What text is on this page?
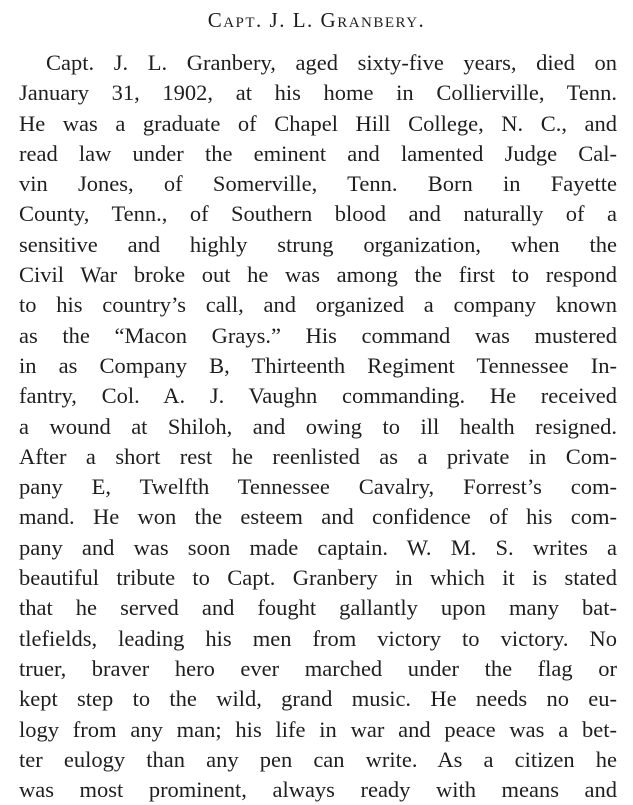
Capt. J. L. Granbery.
Capt. J. L. Granbery, aged sixty-five years, died on
January 31, 1902, at his home in Collierville, Tenn.
He was a graduate of Chapel Hill College, N. C., and
read law under the eminent and lamented Judge Cal-
vin Jones, of Somerville, Tenn. Born in Fayette
County, Tenn., of Southern blood and naturally of a
sensitive and highly strung organization, when the
Civil War broke out he was among the first to respond
to his country’s call, and organized a company known
as the “Macon Grays.” His command was mustered
in as Company B, Thirteenth Regiment Tennessee In-
fantry, Col. A. J. Vaughn commanding. He received
a wound at Shiloh, and owing to ill health resigned.
After a short rest he reenlisted as a private in Com-
pany E, Twelfth Tennessee Cavalry, Forrest’s com-
mand. He won the esteem and confidence of his com-
pany and was soon made captain. W. M. S. writes a
beautiful tribute to Capt. Granbery in which it is stated
that he served and fought gallantly upon many bat-
tlefields, leading his men from victory to victory. No
truer, braver hero ever marched under the flag or
kept step to the wild, grand music. He needs no eu-
logy from any man; his life in war and peace was a bet-
ter eulogy than any pen can write. As a citizen he
was most prominent, always ready with means and
